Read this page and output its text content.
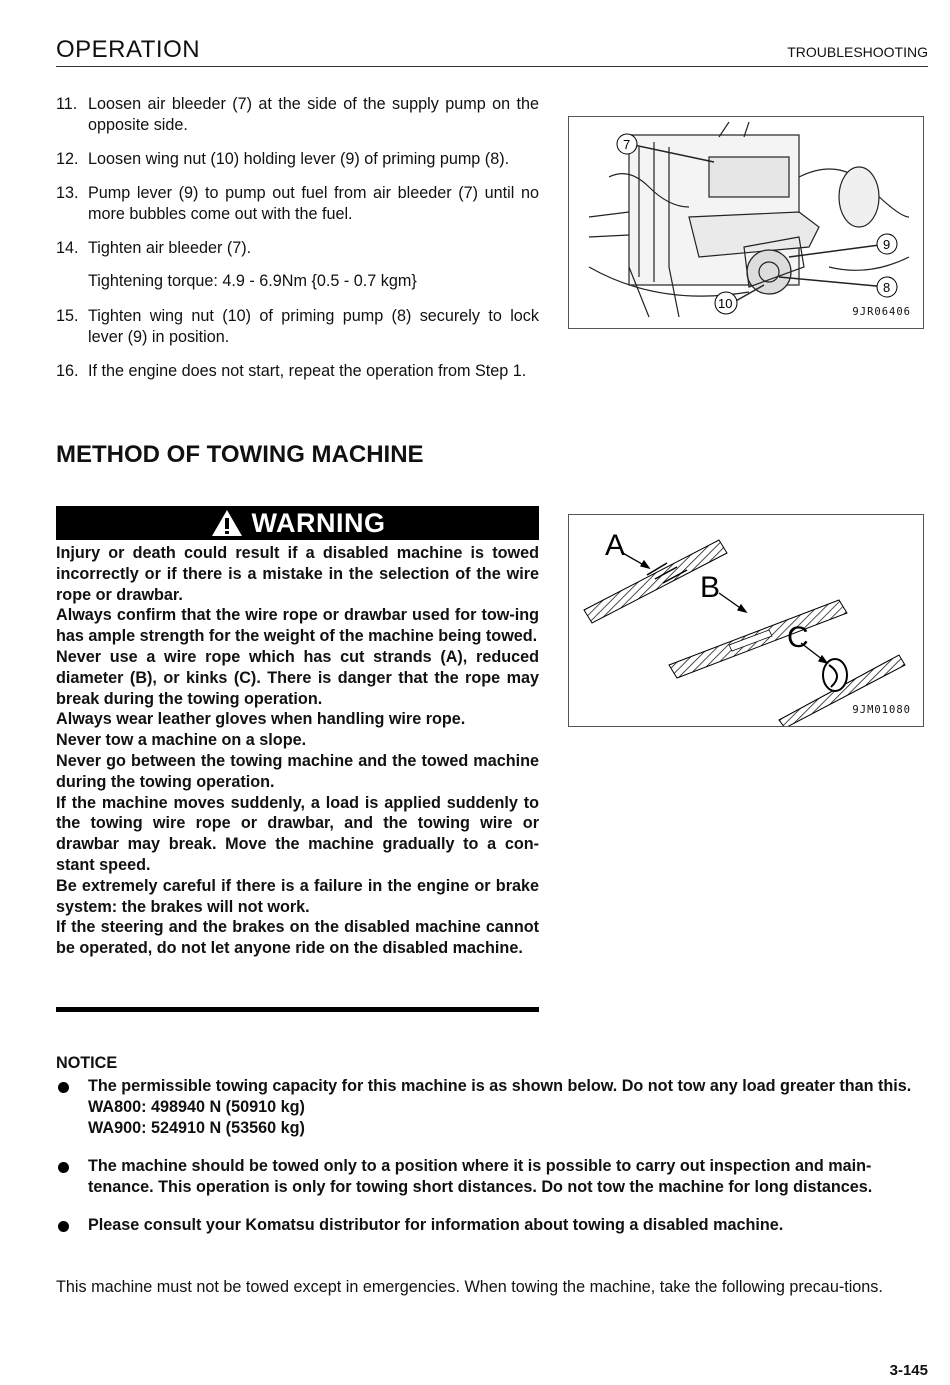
OPERATION	TROUBLESHOOTING
11. Loosen air bleeder (7) at the side of the supply pump on the opposite side.
12. Loosen wing nut (10) holding lever (9) of priming pump (8).
13. Pump lever (9) to pump out fuel from air bleeder (7) until no more bubbles come out with the fuel.
14. Tighten air bleeder (7).
Tightening torque: 4.9 - 6.9Nm {0.5 - 0.7 kgm}
15. Tighten wing nut (10) of priming pump (8) securely to lock lever (9) in position.
16. If the engine does not start, repeat the operation from Step 1.
7
9
8
10
9JR06406
METHOD OF TOWING MACHINE
WARNING

Injury or death could result if a disabled machine is towed incorrectly or if there is a mistake in the selection of the wire rope or drawbar.

Always confirm that the wire rope or drawbar used for tow-ing has ample strength for the weight of the machine being towed.

Never use a wire rope which has cut strands (A), reduced diameter (B), or kinks (C). There is danger that the rope may break during the towing operation.

Always wear leather gloves when handling wire rope.

Never tow a machine on a slope.

Never go between the towing machine and the towed machine during the towing operation.

If the machine moves suddenly, a load is applied suddenly to the towing wire rope or drawbar, and the towing wire or drawbar may break. Move the machine gradually to a con-stant speed.

Be extremely careful if there is a failure in the engine or brake system: the brakes will not work.

If the steering and the brakes on the disabled machine cannot be operated, do not let anyone ride on the disabled machine.

A
B
C
9JM01080
NOTICE
The permissible towing capacity for this machine is as shown below. Do not tow any load greater than this.
WA800: 498940 N (50910 kg)
WA900: 524910 N (53560 kg)
The machine should be towed only to a position where it is possible to carry out inspection and main-tenance. This operation is only for towing short distances. Do not tow the machine for long distances.
Please consult your Komatsu distributor for information about towing a disabled machine.
This machine must not be towed except in emergencies. When towing the machine, take the following precau-tions.
3-145
